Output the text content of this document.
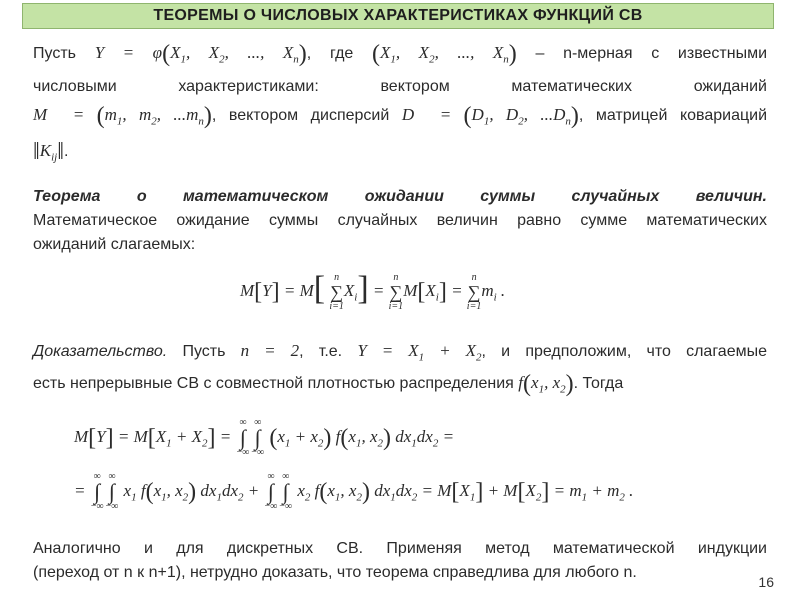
ТЕОРЕМЫ О ЧИСЛОВЫХ ХАРАКТЕРИСТИКАХ ФУНКЦИЙ СВ
Пусть $Y = \varphi(X_1$, $X_2$, ..., $X_n$), где ($X_1$, $X_2$, ..., $X_n$) – n-мерная с известными
числовыми характеристиками: вектором математических ожиданий
M⃗ = ($m_1$, $m_2$, $...m_n$), вектором дисперсий D⃗ = ($D_1$, $D_2$, $...D_n$), матрицей ковариаций
$‖K_{ij}‖$.
Теорема о математическом ожидании суммы случайных величин.
Математическое ожидание суммы случайных величин равно сумме математических
ожиданий слагаемых:
M[Y] = M[ n
∑
i=1
$X_i$] =
n
∑
i=1
$M[X_i]$ =
n
∑
i=1
$m_i$ .
Доказательство. Пусть n = 2, т.е. $Y = X_1 + X_2$, и предположим, что слагаемые
есть непрерывные СВ с совместной плотностью распределения $f(x_1$, $x_2$). Тогда
$M[Y] = M[X_1 + X_2]$ =
∞
∫
−∞
∞
∫
−∞
$(x_1 + x_2)$ $f(x_1$, $x_2$) $dx_1dx_2$ =
=
∞
∫
−∞
∞
∫
−∞
$x_1$ $f(x_1$, $x_2$) $dx_1dx_2$ +
∞
∫
−∞
∞
∫
−∞
$x_2$ $f(x_1$, $x_2$) $dx_1dx_2 = M[X_1] + M[X_2] = m_1 + m_2$ .
Аналогично и для дискретных СВ. Применяя метод математической индукции
(переход от n к n+1), нетрудно доказать, что теорема справедлива для любого n.
16
